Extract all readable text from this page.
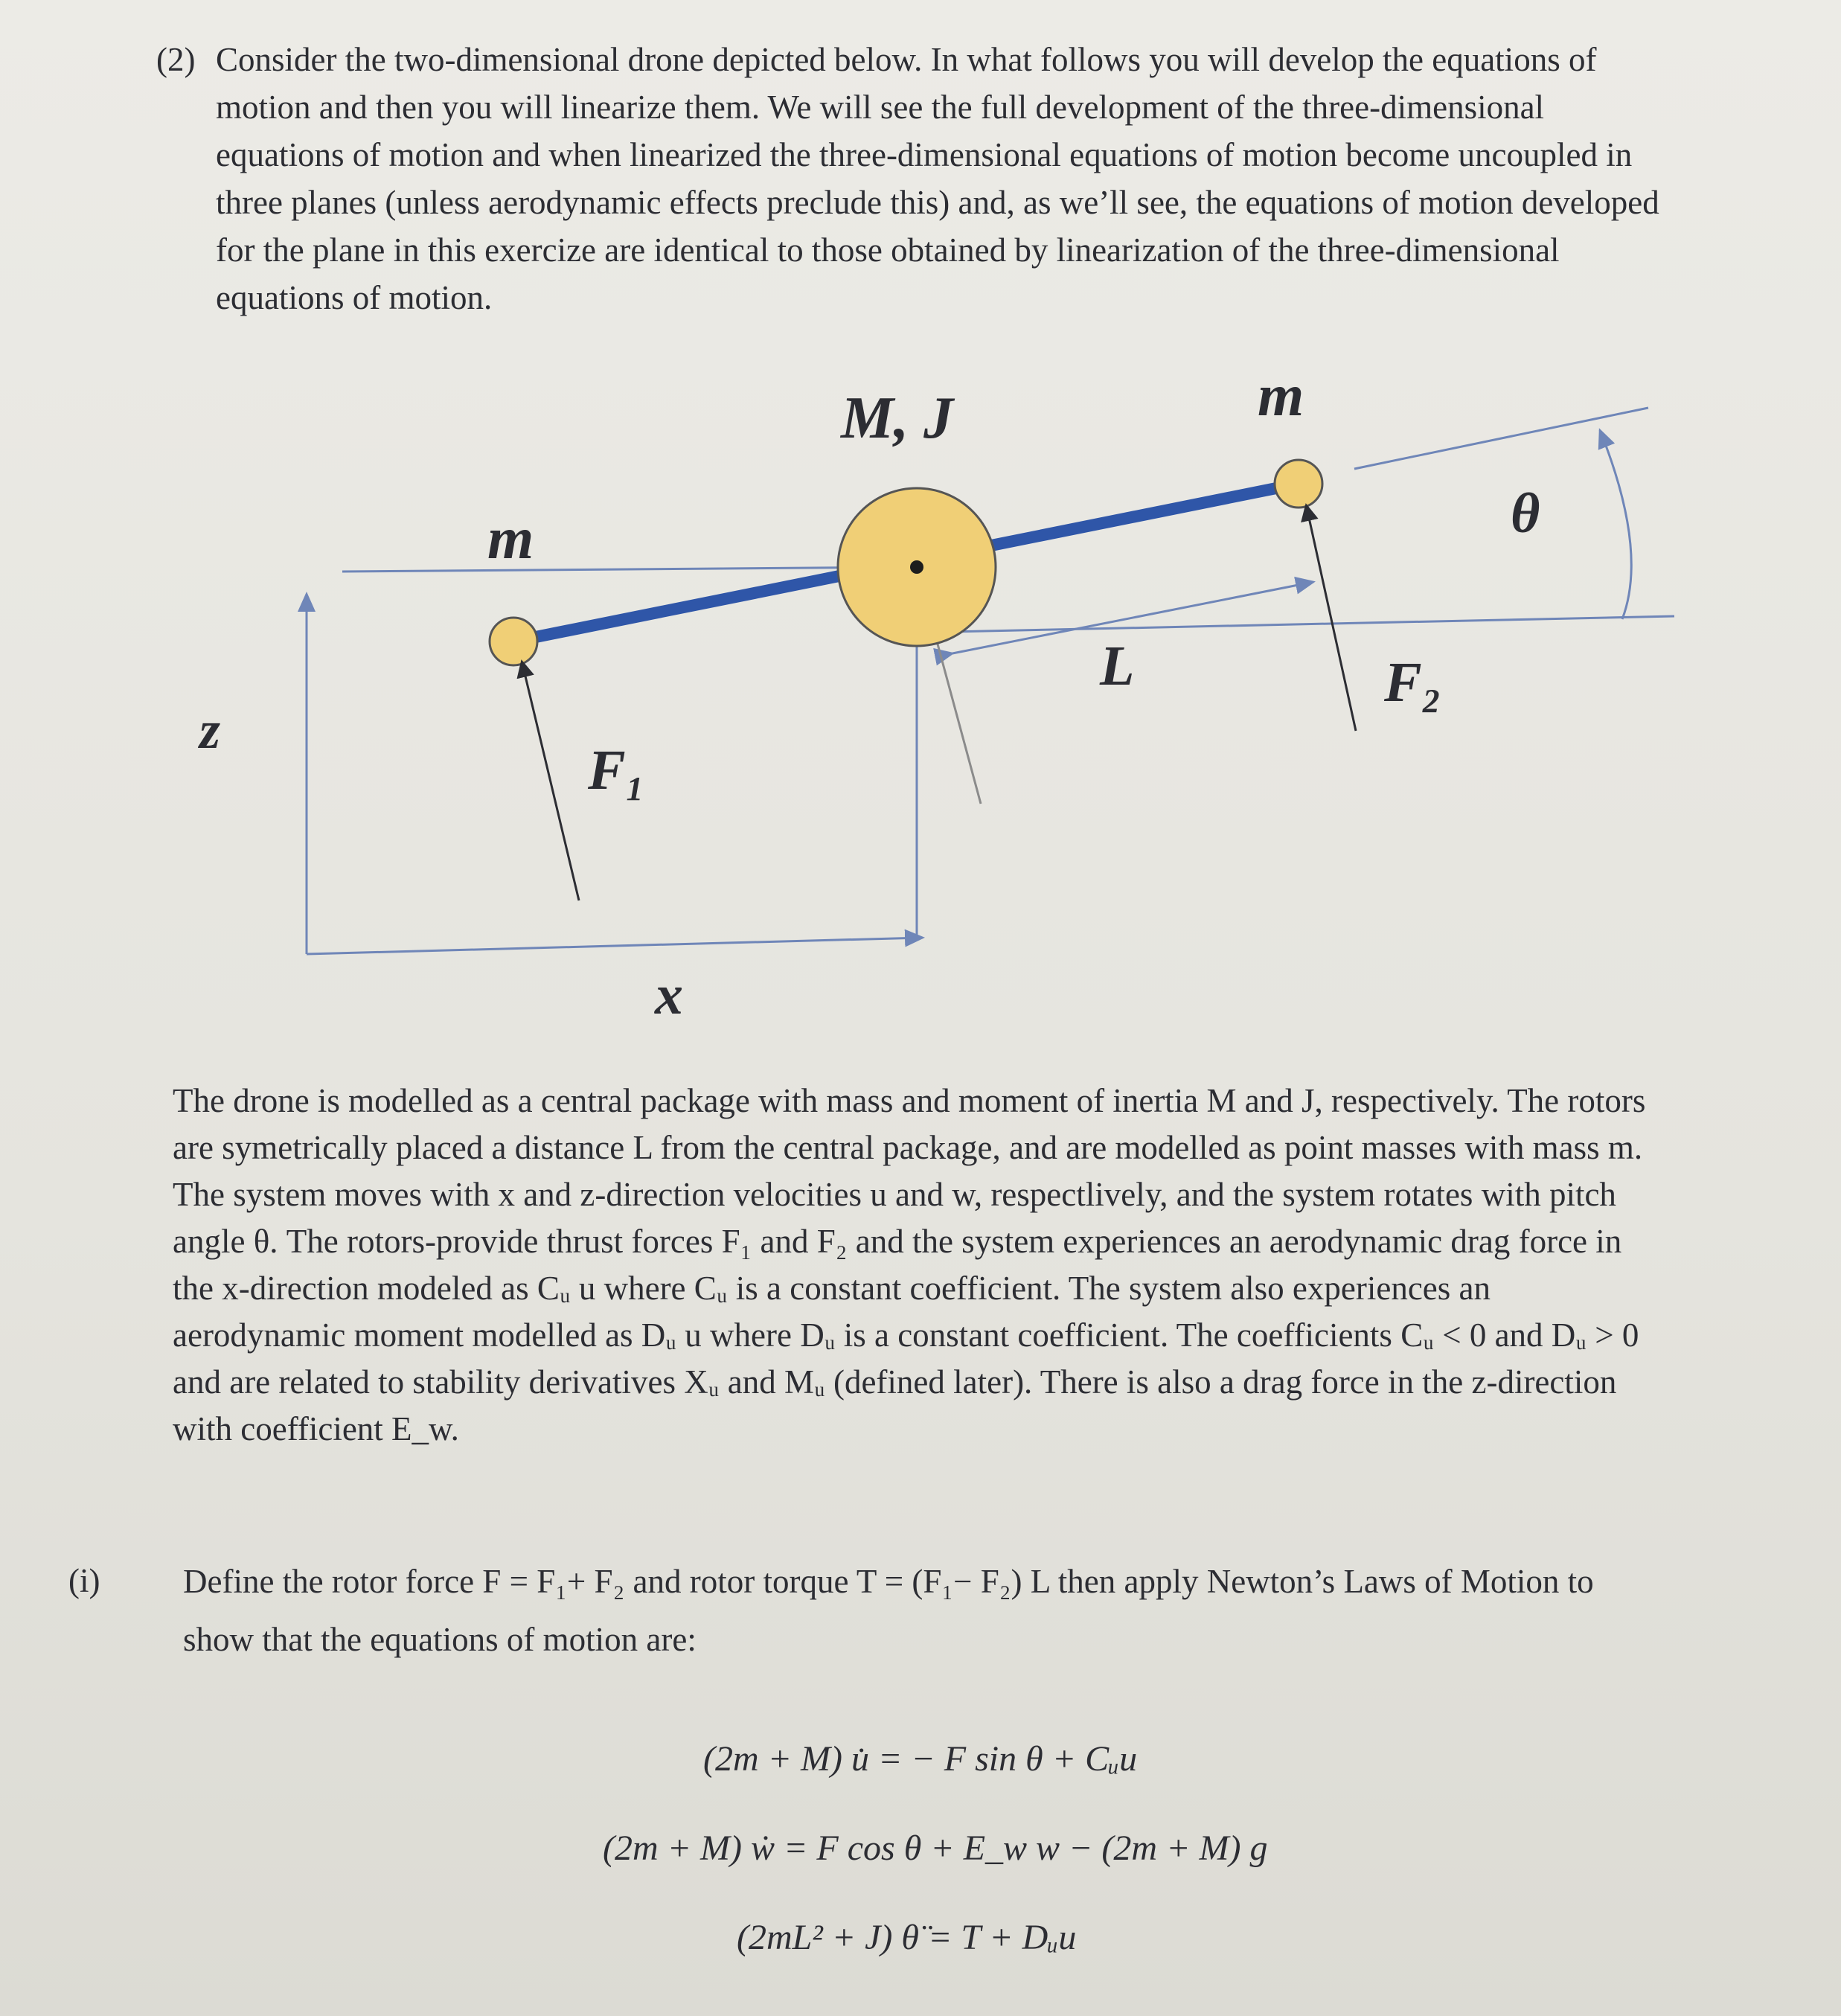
(2) Consider the two-dimensional drone depicted below. In what follows you will develop the equations of motion and then you will linearize them. We will see the full development of the three-dimensional equations of motion and when linearized the three-dimensional equations of motion become uncoupled in three planes (unless aerodynamic effects preclude this) and, as we’ll see, the equations of motion developed for the plane in this exercize are identical to those obtained by linearization of the three-dimensional equations of motion.
M, J
m
m
θ
L
F₁
F₂
z
x
The drone is modelled as a central package with mass and moment of inertia M and J, respectively. The rotors are symetrically placed a distance L from the central package, and are modelled as point masses with mass m. The system moves with x and z-direction velocities u and w, respectlively, and the system rotates with pitch angle θ. The rotors-provide thrust forces F₁ and F₂ and the system experiences an aerodynamic drag force in the x-direction modeled as Cᵤ u where Cᵤ is a constant coefficient. The system also experiences an aerodynamic moment modelled as Dᵤ u where Dᵤ is a constant coefficient. The coefficients Cᵤ < 0 and Dᵤ > 0 and are related to stability derivatives Xᵤ and Mᵤ (defined later). There is also a drag force in the z-direction with coefficient E_w.
(i) Define the rotor force F = F₁+ F₂ and rotor torque T = (F₁− F₂) L then apply Newton’s Laws of Motion to show that the equations of motion are:
(2m + M) u̇ = − F sin θ + Cᵤu
(2m + M) ẇ = F cos θ + E_w w − (2m + M) g
(2mL² + J) θ̈ = T + Dᵤu
